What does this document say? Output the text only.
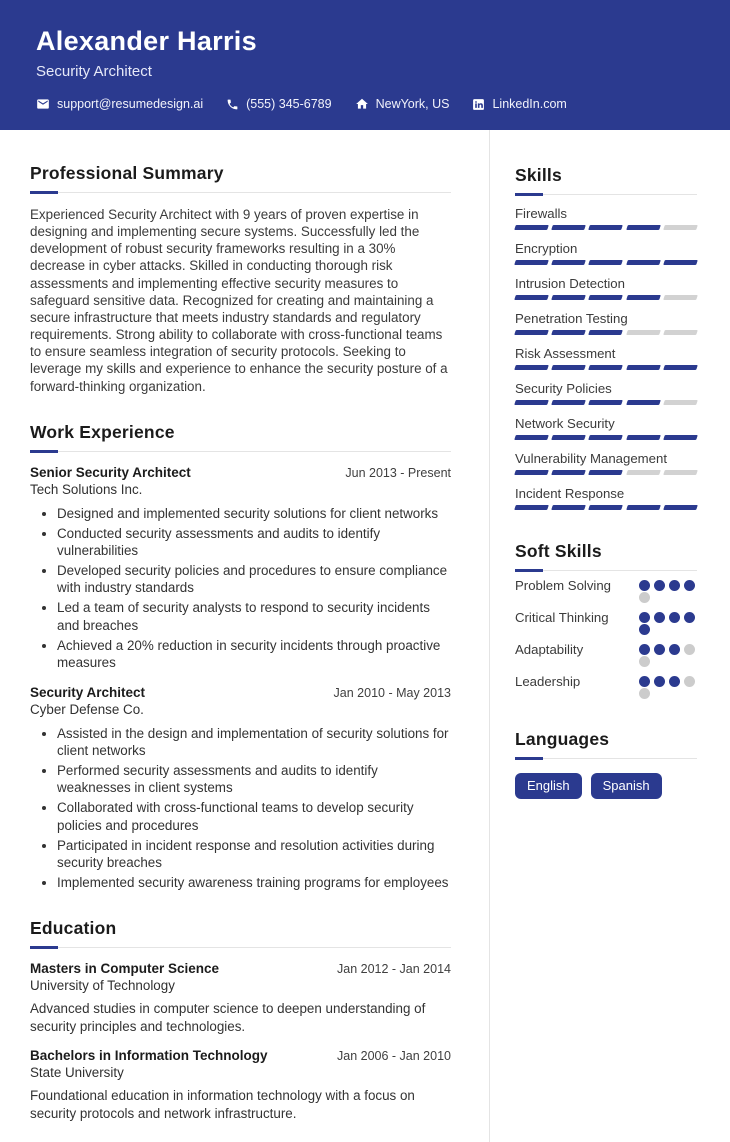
Alexander Harris
Security Architect
support@resumedesign.ai	(555) 345-6789	NewYork, US	LinkedIn.com
Professional Summary

Experienced Security Architect with 9 years of proven expertise in designing and implementing secure systems. Successfully led the development of robust security frameworks resulting in a 30% decrease in cyber attacks. Skilled in conducting thorough risk assessments and implementing effective security measures to safeguard sensitive data. Recognized for creating and maintaining a secure infrastructure that meets industry standards and regulatory requirements. Strong ability to collaborate with cross-functional teams to ensure seamless integration of security protocols. Seeking to leverage my skills and experience to enhance the security posture of a forward-thinking organization.

Work Experience
Senior Security Architect	Jun 2013 - Present
Tech Solutions Inc.
• Designed and implemented security solutions for client networks
• Conducted security assessments and audits to identify vulnerabilities
• Developed security policies and procedures to ensure compliance with industry standards
• Led a team of security analysts to respond to security incidents and breaches
• Achieved a 20% reduction in security incidents through proactive measures
Security Architect	Jan 2010 - May 2013
Cyber Defense Co.
• Assisted in the design and implementation of security solutions for client networks
• Performed security assessments and audits to identify weaknesses in client systems
• Collaborated with cross-functional teams to develop security policies and procedures
• Participated in incident response and resolution activities during security breaches
• Implemented security awareness training programs for employees
Education
Masters in Computer Science	Jan 2012 - Jan 2014
University of Technology
Advanced studies in computer science to deepen understanding of security principles and technologies.
Bachelors in Information Technology	Jan 2006 - Jan 2010
State University
Foundational education in information technology with a focus on security protocols and network infrastructure.
Skills
Firewalls
Encryption
Intrusion Detection
Penetration Testing
Risk Assessment
Security Policies
Network Security
Vulnerability Management
Incident Response
Soft Skills
Problem Solving
Critical Thinking
Adaptability
Leadership
Languages
English	Spanish
